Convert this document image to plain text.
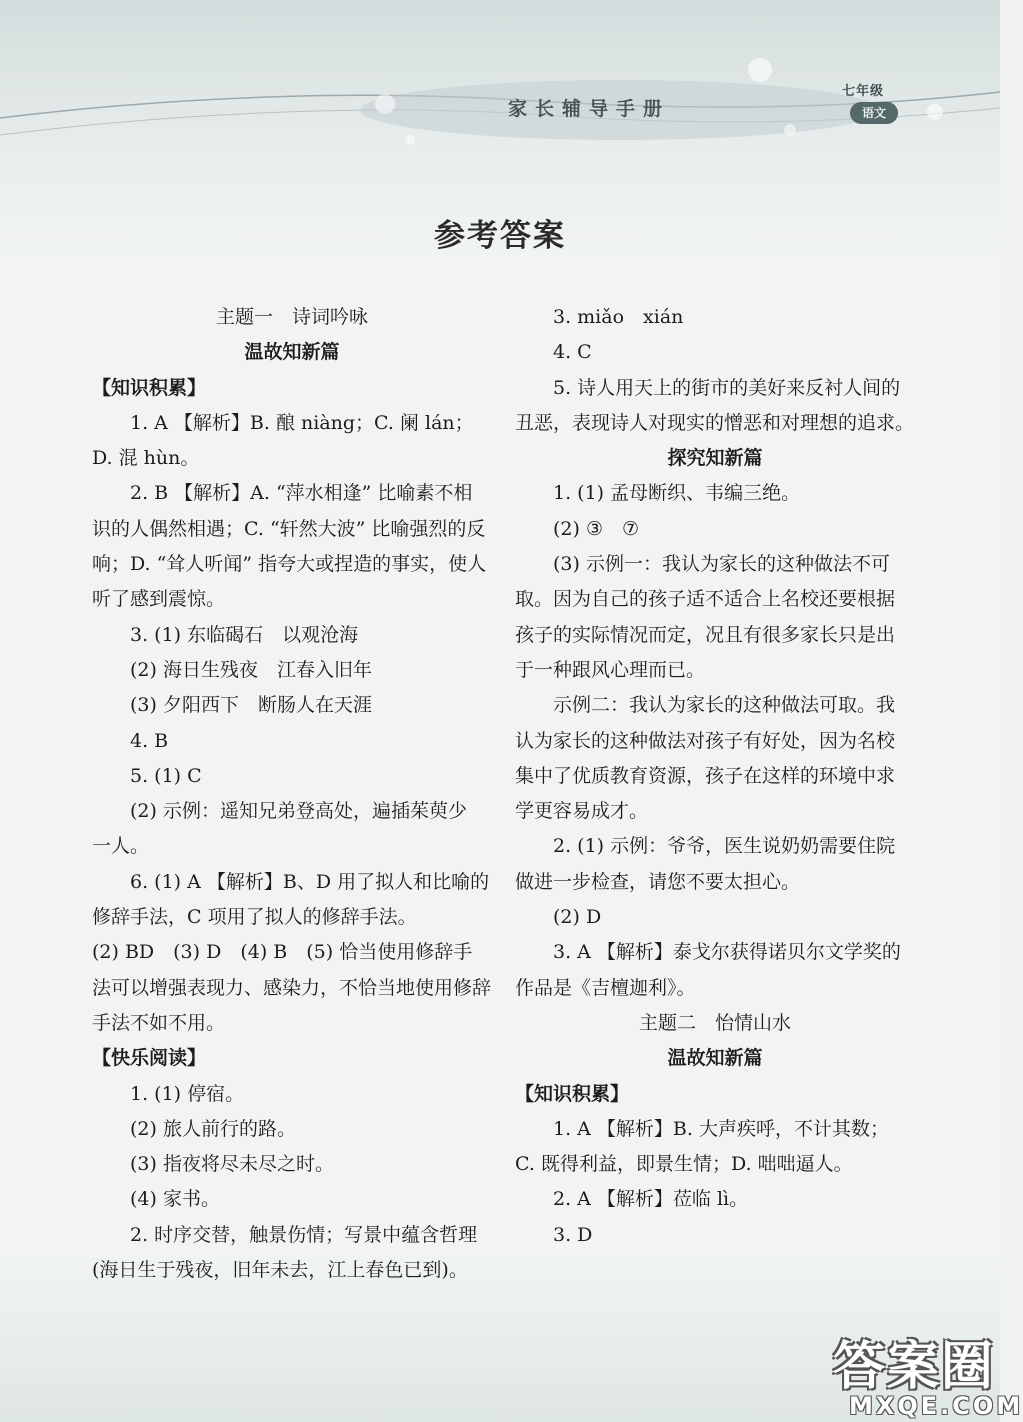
家长辅导手册
七年级
语文
参考答案
主题一　诗词吟咏
温故知新篇
【知识积累】
1. A 【解析】B. 酿 niàng；C. 阑 lán；
D. 混 hùn。
2. B 【解析】A. “萍水相逢” 比喻素不相
识的人偶然相遇；C. “轩然大波” 比喻强烈的反
响；D. “耸人听闻” 指夸大或捏造的事实，使人
听了感到震惊。
3. (1) 东临碣石　以观沧海
(2) 海日生残夜　江春入旧年
(3) 夕阳西下　断肠人在天涯
4. B
5. (1) C
(2) 示例：遥知兄弟登高处，遍插茱萸少
一人。
6. (1) A 【解析】B、D 用了拟人和比喻的
修辞手法，C 项用了拟人的修辞手法。
(2) BD　(3) D　(4) B　(5) 恰当使用修辞手
法可以增强表现力、感染力，不恰当地使用修辞
手法不如不用。
【快乐阅读】
1. (1) 停宿。
(2) 旅人前行的路。
(3) 指夜将尽未尽之时。
(4) 家书。
2. 时序交替，触景伤情；写景中蕴含哲理
(海日生于残夜，旧年未去，江上春色已到)。
3. miǎo　xián
4. C
5. 诗人用天上的街市的美好来反衬人间的
丑恶，表现诗人对现实的憎恶和对理想的追求。
探究知新篇
1. (1) 孟母断织、韦编三绝。
(2) ③　⑦
(3) 示例一：我认为家长的这种做法不可
取。因为自己的孩子适不适合上名校还要根据
孩子的实际情况而定，况且有很多家长只是出
于一种跟风心理而已。
示例二：我认为家长的这种做法可取。我
认为家长的这种做法对孩子有好处，因为名校
集中了优质教育资源，孩子在这样的环境中求
学更容易成才。
2. (1) 示例：爷爷，医生说奶奶需要住院
做进一步检查，请您不要太担心。
(2) D
3. A 【解析】泰戈尔获得诺贝尔文学奖的
作品是《吉檀迦利》。
主题二　怡情山水
温故知新篇
【知识积累】
1. A 【解析】B. 大声疾呼，不计其数；
C. 既得利益，即景生情；D. 咄咄逼人。
2. A 【解析】莅临 lì。
3. D
答案圈
MXQE.COM
